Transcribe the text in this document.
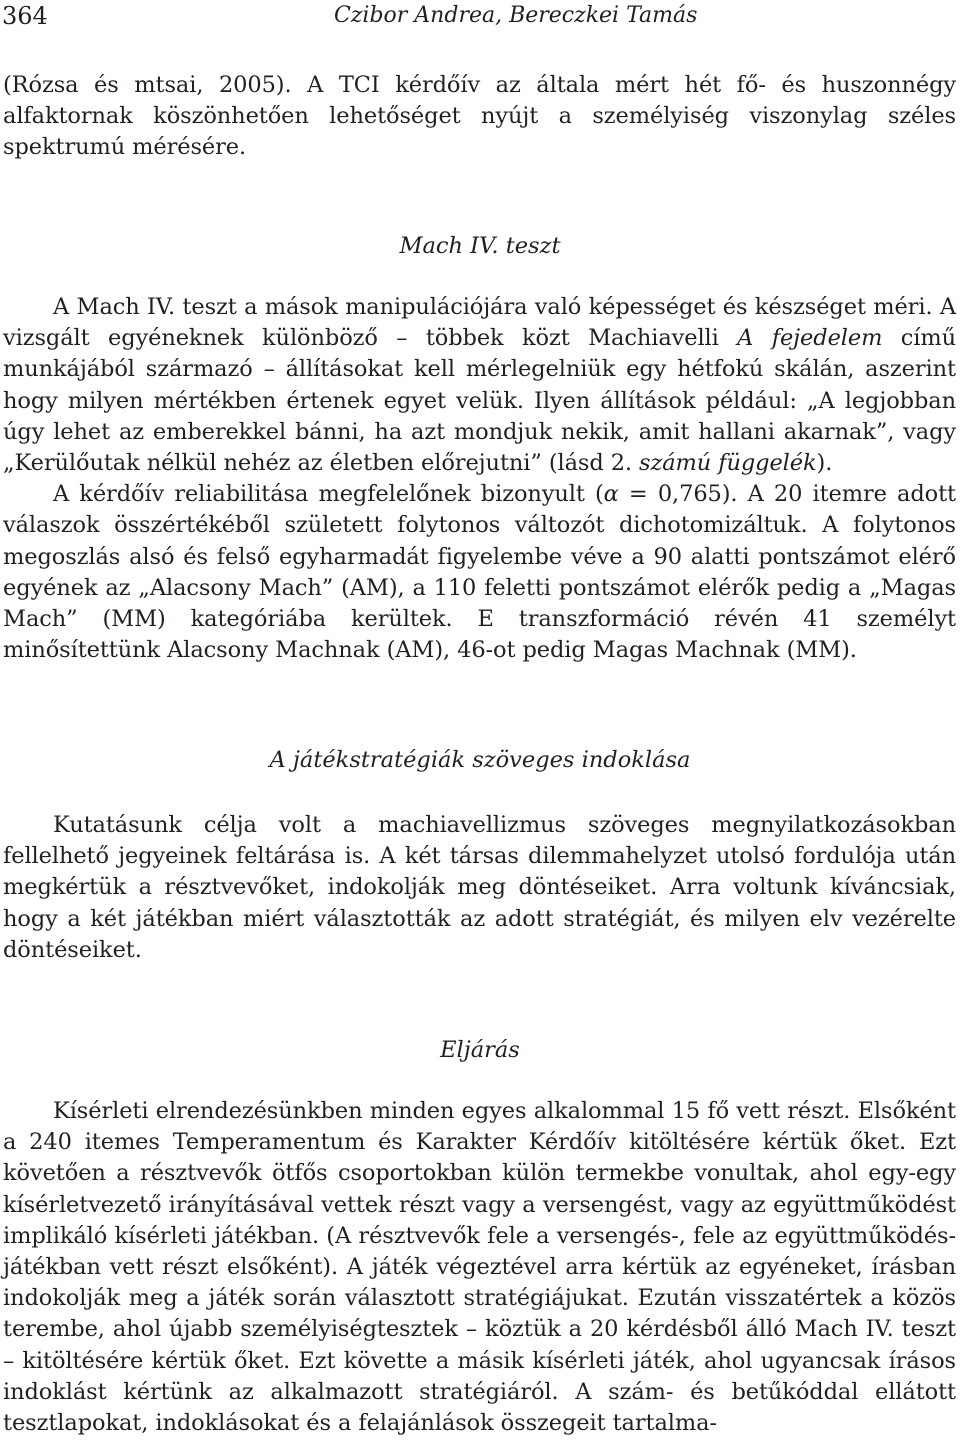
364	Czibor Andrea, Bereczkei Tamás

(Rózsa és mtsai, 2005). A TCI kérdőív az általa mért hét fő- és huszonnégy alfaktornak köszönhetően lehetőséget nyújt a személyiség viszonylag széles spektrumú mérésére.

Mach IV. teszt

A Mach IV. teszt a mások manipulációjára való képességet és készséget méri. A vizsgált egyéneknek különböző – többek közt Machiavelli A fejedelem című munkájából származó – állításokat kell mérlegelniük egy hétfokú skálán, aszerint hogy milyen mértékben értenek egyet velük. Ilyen állítások például: „A legjobban úgy lehet az emberekkel bánni, ha azt mondjuk nekik, amit hallani akarnak”, vagy „Kerülőutak nélkül nehéz az életben előrejutni” (lásd 2. számú függelék).

A kérdőív reliabilitása megfelelőnek bizonyult (α = 0,765). A 20 itemre adott válaszok összértékéből született folytonos változót dichotomizáltuk. A folytonos megoszlás alsó és felső egyharmadát figyelembe véve a 90 alatti pontszámot elérő egyének az „Alacsony Mach” (AM), a 110 feletti pontszámot elérők pedig a „Magas Mach” (MM) kategóriába kerültek. E transzformáció révén 41 személyt minősítettünk Alacsony Machnak (AM), 46-ot pedig Magas Machnak (MM).

A játékstratégiák szöveges indoklása

Kutatásunk célja volt a machiavellizmus szöveges megnyilatkozásokban fellelhető jegyeinek feltárása is. A két társas dilemmahelyzet utolsó fordulója után megkértük a résztvevőket, indokolják meg döntéseiket. Arra voltunk kíváncsiak, hogy a két játékban miért választották az adott stratégiát, és milyen elv vezérelte döntéseiket.

Eljárás

Kísérleti elrendezésünkben minden egyes alkalommal 15 fő vett részt. Elsőként a 240 itemes Temperamentum és Karakter Kérdőív kitöltésére kértük őket. Ezt követően a résztvevők ötfős csoportokban külön termekbe vonultak, ahol egy-egy kísérletvezető irányításával vettek részt vagy a versengést, vagy az együttműködést implikáló kísérleti játékban. (A résztvevők fele a versengés-, fele az együttműködés-játékban vett részt elsőként). A játék végeztével arra kértük az egyéneket, írásban indokolják meg a játék során választott stratégiájukat. Ezután visszatértek a közös terembe, ahol újabb személyiségtesztek – köztük a 20 kérdésből álló Mach IV. teszt – kitöltésére kértük őket. Ezt követte a másik kísérleti játék, ahol ugyancsak írásos indoklást kértünk az alkalmazott stratégiáról. A szám- és betűkóddal ellátott tesztlapokat, indoklásokat és a felajánlások összegeit tartalma-
